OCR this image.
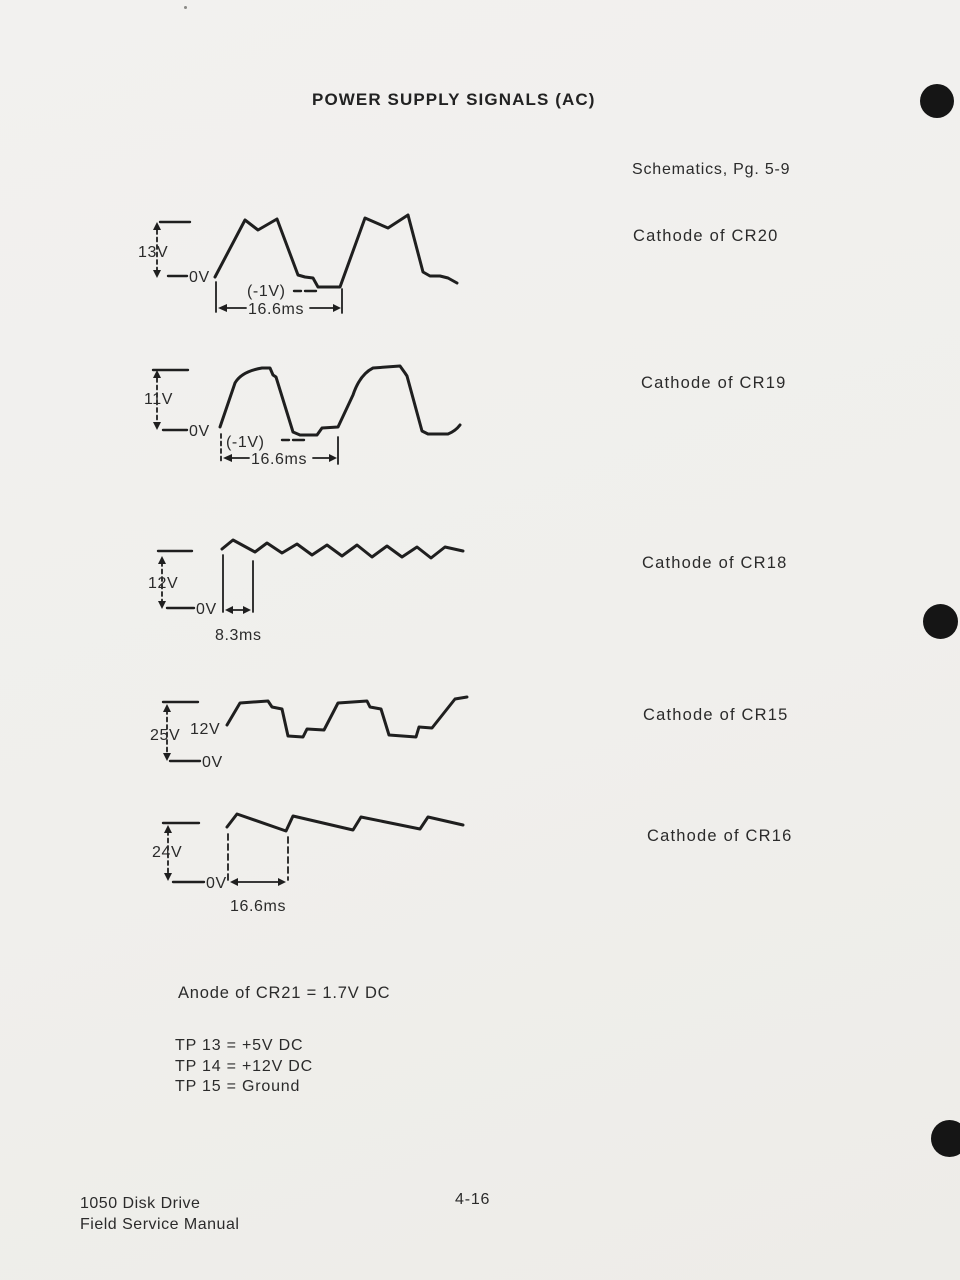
POWER SUPPLY SIGNALS (AC)
Schematics, Pg. 5-9
Cathode of CR20
Cathode of CR19
Cathode of CR18
Cathode of CR15
Cathode of CR16
13V
0V
(-1V)
16.6ms
11V
0V
(-1V)
16.6ms
12V
0V
8.3ms
25V 12V
0V
24V
0V
16.6ms
Anode of CR21 = 1.7V DC
TP 13 = +5V DC
TP 14 = +12V DC
TP 15 = Ground
1050 Disk Drive
Field Service Manual
4-16
